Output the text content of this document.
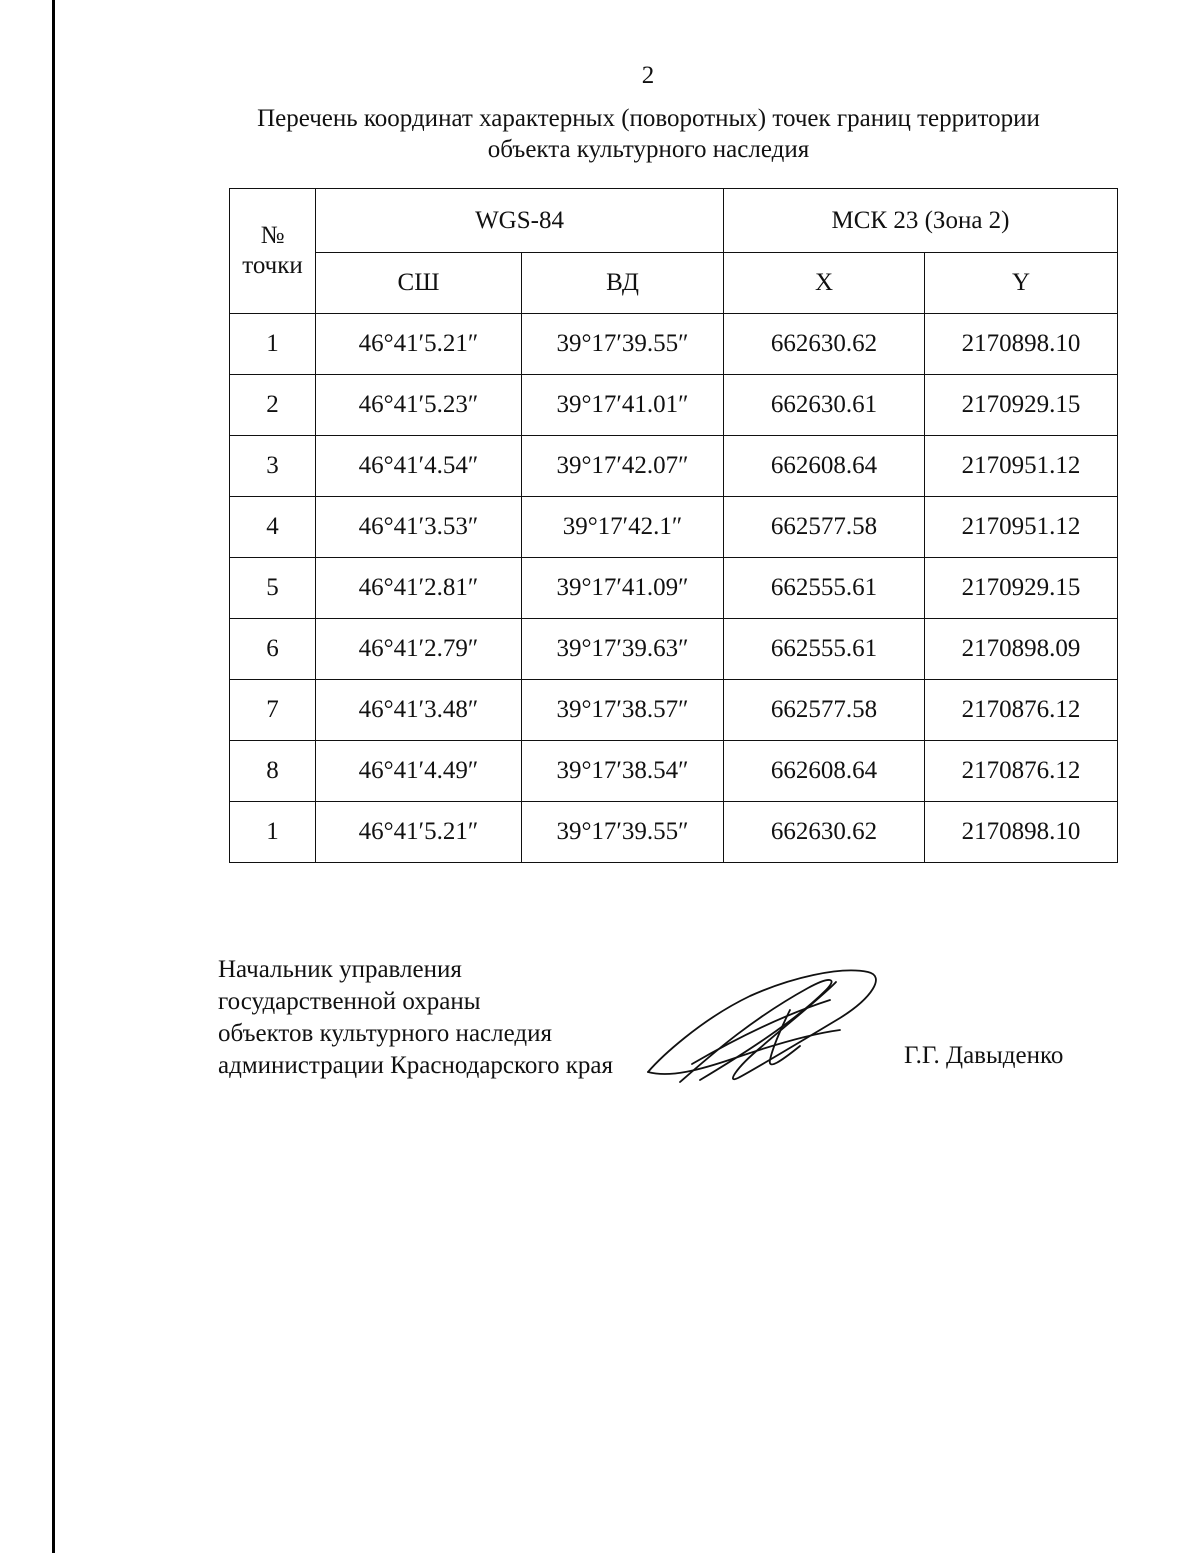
2
Перечень координат характерных (поворотных) точек границ территории
объекта культурного наследия
№
точки	WGS-84		МСК 23 (Зона 2)	
	СШ	ВД	X	Y
1	46°41′5.21″	39°17′39.55″	662630.62	2170898.10
2	46°41′5.23″	39°17′41.01″	662630.61	2170929.15
3	46°41′4.54″	39°17′42.07″	662608.64	2170951.12
4	46°41′3.53″	39°17′42.1″	662577.58	2170951.12
5	46°41′2.81″	39°17′41.09″	662555.61	2170929.15
6	46°41′2.79″	39°17′39.63″	662555.61	2170898.09
7	46°41′3.48″	39°17′38.57″	662577.58	2170876.12
8	46°41′4.49″	39°17′38.54″	662608.64	2170876.12
1	46°41′5.21″	39°17′39.55″	662630.62	2170898.10
Начальник управления
государственной охраны
объектов культурного наследия
администрации Краснодарского края	Г.Г. Давыденко
